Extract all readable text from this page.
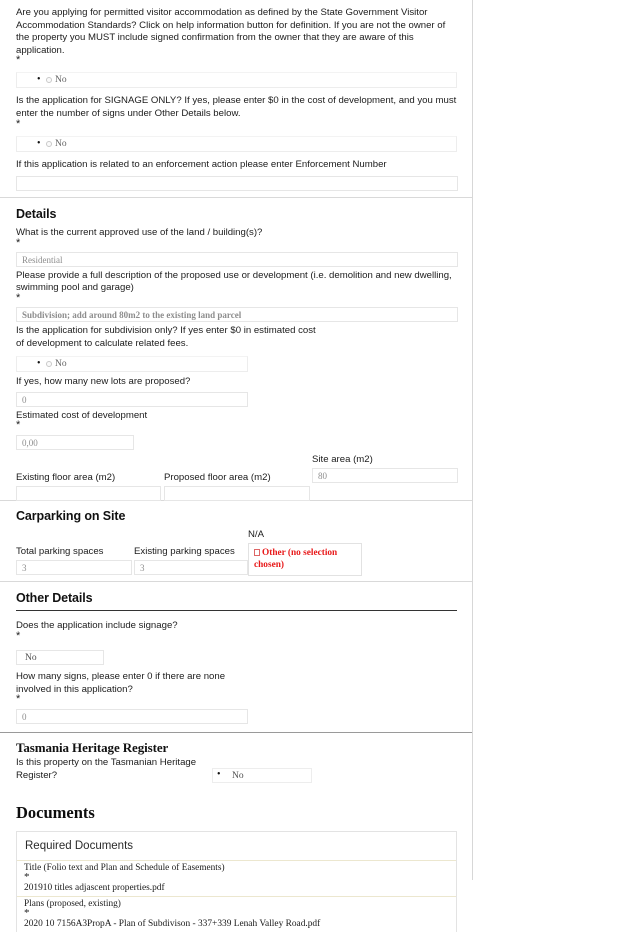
Are you applying for permitted visitor accommodation as defined by the State Government Visitor Accommodation Standards? Click on help information button for definition. If you are not the owner of the property you MUST include signed confirmation from the owner that they are aware of this application.
*
•	No
Is the application for SIGNAGE ONLY? If yes, please enter $0 in the cost of development, and you must enter the number of signs under Other Details below.
*
•	No
If this application is related to an enforcement action please enter Enforcement Number
Details
What is the current approved use of the land / building(s)?
*
Residential
Please provide a full description of the proposed use or development (i.e. demolition and new dwelling, swimming pool and garage)
*
Subdivision; add around 80m2 to the existing land parcel
Is the application for subdivision only? If yes enter $0 in estimated cost of development to calculate related fees.
•	No
If yes, how many new lots are proposed?
0
Estimated cost of development
*
0,00
Site area (m2)
80
Existing floor area (m2)	Proposed floor area (m2)
Carparking on Site
N/A
Total parking spaces
3
Existing parking spaces
3
Other (no selection chosen)
Other Details
Does the application include signage?
*
No
How many signs, please enter 0 if there are none involved in this application?
*
0
Tasmania Heritage Register
Is this property on the Tasmanian Heritage Register?	• No
Documents
Required Documents
Title (Folio text and Plan and Schedule of Easements)
*
201910 titles adjascent properties.pdf
Plans (proposed, existing)
*
2020 10 7156A3PropA - Plan of Subdivison - 337+339 Lenah Valley Road.pdf
